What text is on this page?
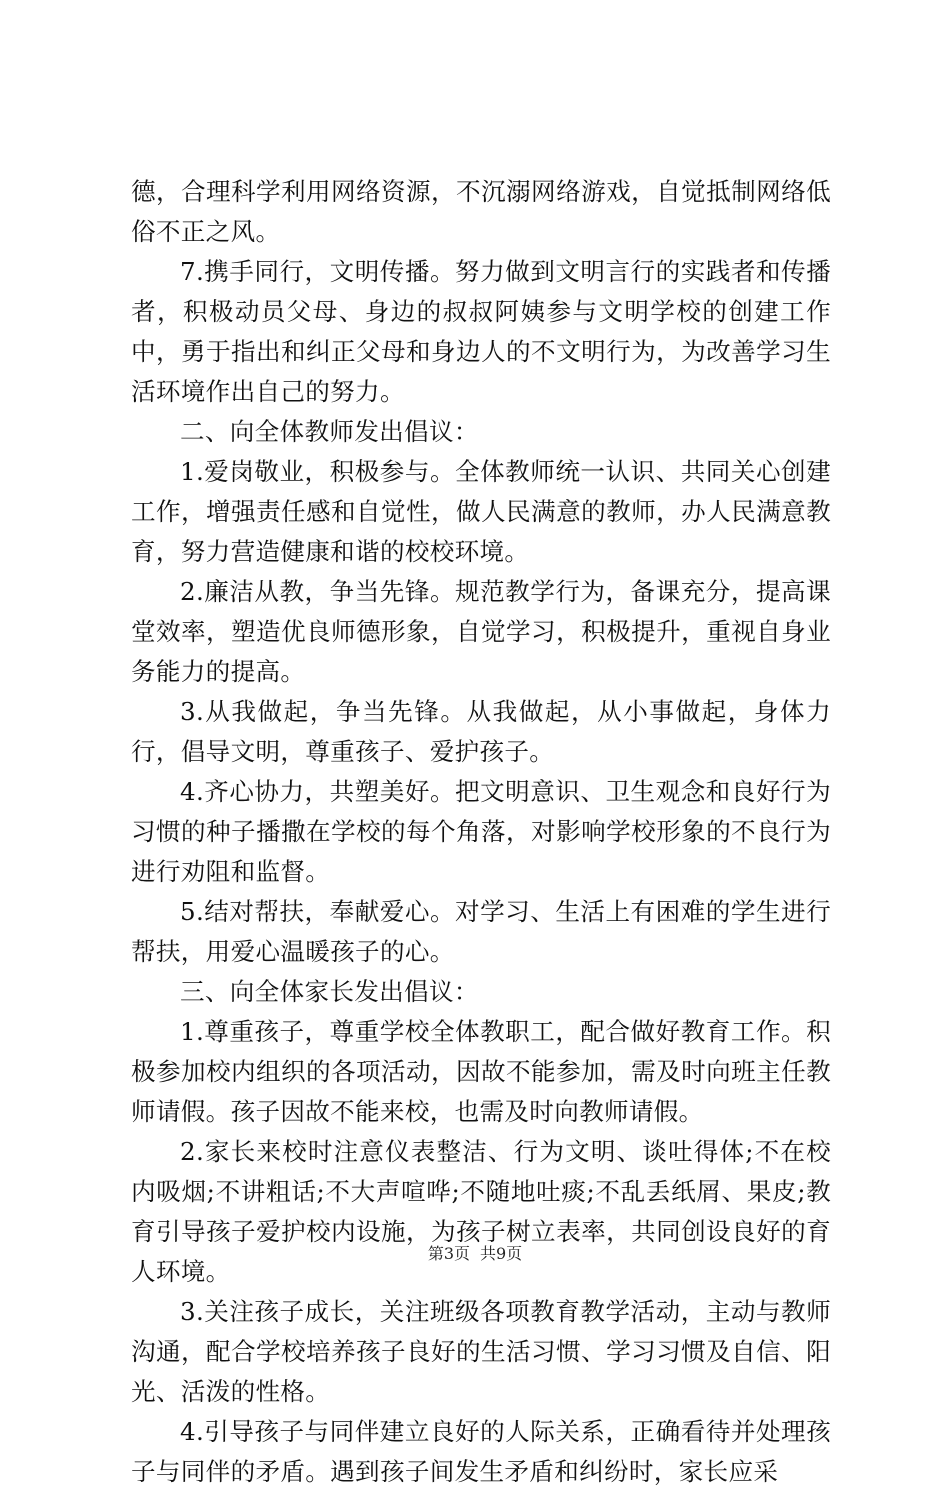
德，合理科学利用网络资源，不沉溺网络游戏，自觉抵制网络低俗不正之风。

7.携手同行，文明传播。努力做到文明言行的实践者和传播者，积极动员父母、身边的叔叔阿姨参与文明学校的创建工作中，勇于指出和纠正父母和身边人的不文明行为，为改善学习生活环境作出自己的努力。

二、向全体教师发出倡议：

1.爱岗敬业，积极参与。全体教师统一认识、共同关心创建工作，增强责任感和自觉性，做人民满意的教师，办人民满意教育，努力营造健康和谐的校校环境。

2.廉洁从教，争当先锋。规范教学行为，备课充分，提高课堂效率，塑造优良师德形象，自觉学习，积极提升，重视自身业务能力的提高。

3.从我做起，争当先锋。从我做起，从小事做起，身体力行，倡导文明，尊重孩子、爱护孩子。

4.齐心协力，共塑美好。把文明意识、卫生观念和良好行为习惯的种子播撒在学校的每个角落，对影响学校形象的不良行为进行劝阻和监督。

5.结对帮扶，奉献爱心。对学习、生活上有困难的学生进行帮扶，用爱心温暖孩子的心。

三、向全体家长发出倡议：

1.尊重孩子，尊重学校全体教职工，配合做好教育工作。积极参加校内组织的各项活动，因故不能参加，需及时向班主任教师请假。孩子因故不能来校，也需及时向教师请假。

2.家长来校时注意仪表整洁、行为文明、谈吐得体;不在校内吸烟;不讲粗话;不大声喧哗;不随地吐痰;不乱丢纸屑、果皮;教育引导孩子爱护校内设施，为孩子树立表率，共同创设良好的育人环境。

3.关注孩子成长，关注班级各项教育教学活动，主动与教师沟通，配合学校培养孩子良好的生活习惯、学习习惯及自信、阳光、活泼的性格。

4.引导孩子与同伴建立良好的人际关系，正确看待并处理孩子与同伴的矛盾。遇到孩子间发生矛盾和纠纷时，家长应采

第3页 共9页
